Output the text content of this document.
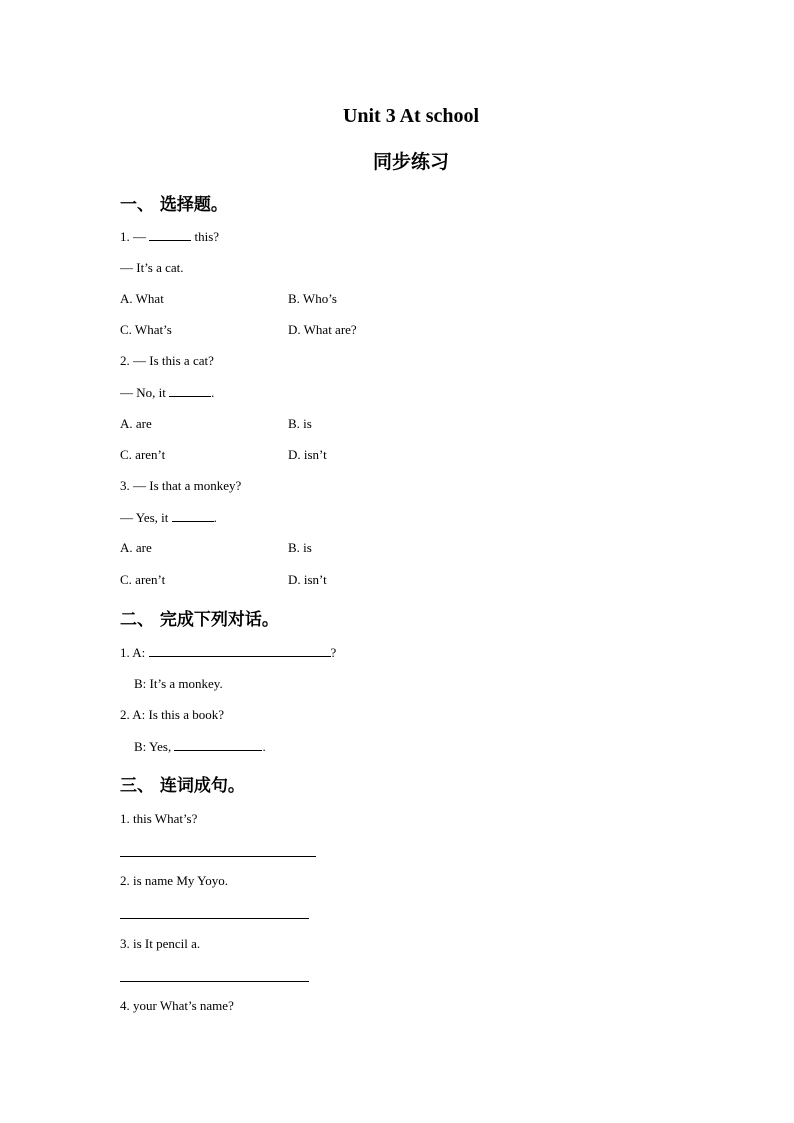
Unit 3 At school
同步练习
一、 选择题。
1. —	this?
— It’s a cat.
A. What	B. Who’s
C. What’s	D. What are?
2. — Is this a cat?
— No, it	.
A. are	B. is
C. aren’t	D. isn’t
3. — Is that a monkey?
— Yes, it	.
A. are	B. is
C. aren’t	D. isn’t
二、 完成下列对话。
1. A:	?
B: It’s a monkey.
2. A: Is this a book?
B: Yes,	.
三、 连词成句。
1. this What’s?
2. is name My Yoyo.
3. is It pencil a.
4. your What’s name?
